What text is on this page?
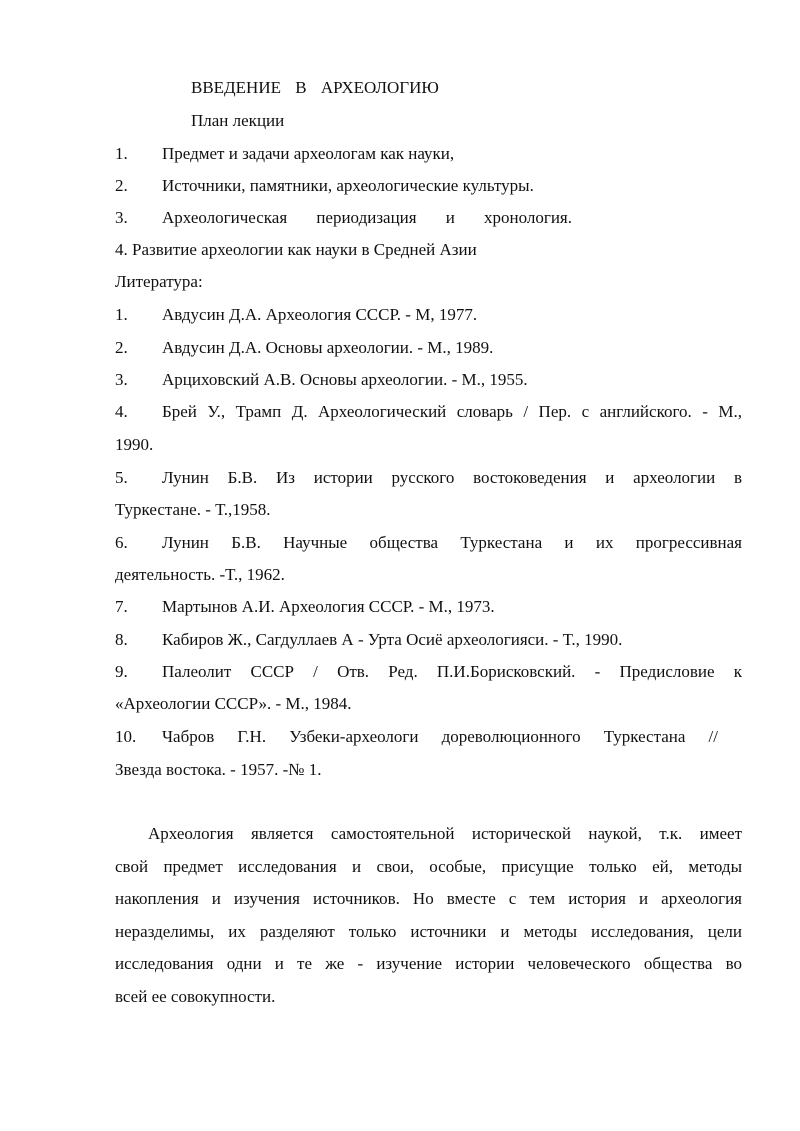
ВВЕДЕНИЕ В АРХЕОЛОГИЮ
План лекции
1. Предмет и задачи археологам как науки,
2. Источники, памятники, археологические культуры.
3. Археологическая периодизация и хронология.
4. Развитие археологии как науки в Средней Азии
Литература:
1. Авдусин Д.А. Археология СССР. - М, 1977.
2. Авдусин Д.А. Основы археологии. - М., 1989.
3. Арциховский А.В. Основы археологии. - М., 1955.
4. Брей У., Трамп Д. Археологический словарь / Пер. с английского. - М.,
1990.
5. Лунин Б.В. Из истории русского востоковедения и археологии в
Туркестане. - Т.,1958.
6. Лунин Б.В. Научные общества Туркестана и их прогрессивная
деятельность. -Т., 1962.
7. Мартынов А.И. Археология СССР. - М., 1973.
8. Кабиров Ж., Сагдуллаев А - Урта Осиё археологияси. - Т., 1990.
9. Палеолит СССР / Отв. Ред. П.И.Борисковский. - Предисловие к
«Археологии СССР». - М., 1984.
10. Чабров Г.Н. Узбеки-археологи дореволюционного Туркестана //
Звезда востока. - 1957. -№ 1.
Археология является самостоятельной исторической наукой, т.к. имеет
свой предмет исследования и свои, особые, присущие только ей, методы
накопления и изучения источников. Но вместе с тем история и археология
неразделимы, их разделяют только источники и методы исследования, цели
исследования одни и те же - изучение истории человеческого общества во
всей ее совокупности.
